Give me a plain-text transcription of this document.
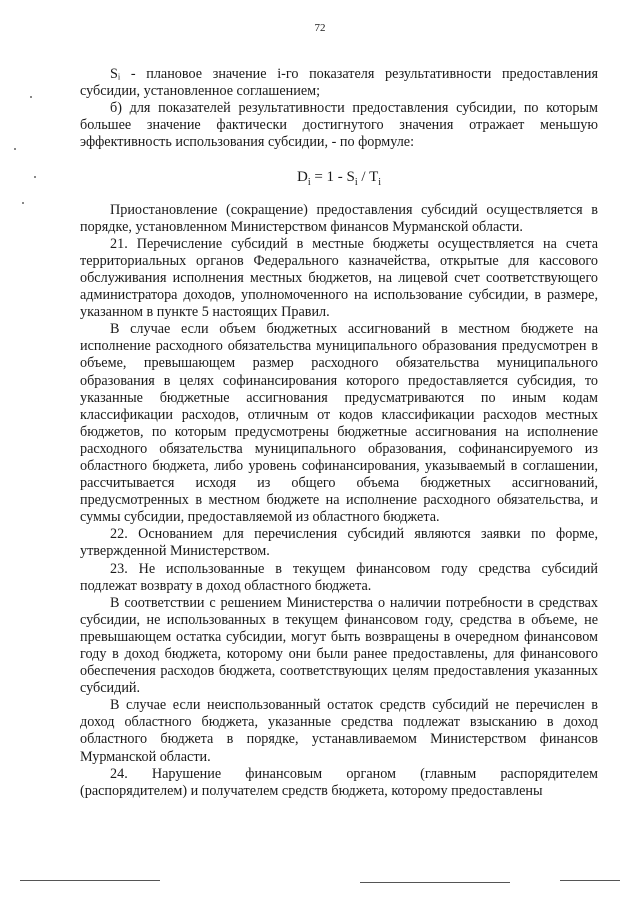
72

Sᵢ - плановое значение i-го показателя результативности предоставления субсидии, установленное соглашением;

б) для показателей результативности предоставления субсидии, по которым большее значение фактически достигнутого значения отражает меньшую эффективность использования субсидии, - по формуле:

$D_i = 1 - S_i / T_i$

Приостановление (сокращение) предоставления субсидий осуществляется в порядке, установленном Министерством финансов Мурманской области.

21. Перечисление субсидий в местные бюджеты осуществляется на счета территориальных органов Федерального казначейства, открытые для кассового обслуживания исполнения местных бюджетов, на лицевой счет соответствующего администратора доходов, уполномоченного на использование субсидии, в размере, указанном в пункте 5 настоящих Правил.

В случае если объем бюджетных ассигнований в местном бюджете на исполнение расходного обязательства муниципального образования предусмотрен в объеме, превышающем размер расходного обязательства муниципального образования в целях софинансирования которого предоставляется субсидия, то указанные бюджетные ассигнования предусматриваются по иным кодам классификации расходов, отличным от кодов классификации расходов местных бюджетов, по которым предусмотрены бюджетные ассигнования на исполнение расходного обязательства муниципального образования, софинансируемого из областного бюджета, либо уровень софинансирования, указываемый в соглашении, рассчитывается исходя из общего объема бюджетных ассигнований, предусмотренных в местном бюджете на исполнение расходного обязательства, и суммы субсидии, предоставляемой из областного бюджета.

22. Основанием для перечисления субсидий являются заявки по форме, утвержденной Министерством.

23. Не использованные в текущем финансовом году средства субсидий подлежат возврату в доход областного бюджета.

В соответствии с решением Министерства о наличии потребности в средствах субсидии, не использованных в текущем финансовом году, средства в объеме, не превышающем остатка субсидии, могут быть возвращены в очередном финансовом году в доход бюджета, которому они были ранее предоставлены, для финансового обеспечения расходов бюджета, соответствующих целям предоставления указанных субсидий.

В случае если неиспользованный остаток средств субсидий не перечислен в доход областного бюджета, указанные средства подлежат взысканию в доход областного бюджета в порядке, устанавливаемом Министерством финансов Мурманской области.

24. Нарушение финансовым органом (главным распорядителем (распорядителем) и получателем средств бюджета, которому предоставлены
